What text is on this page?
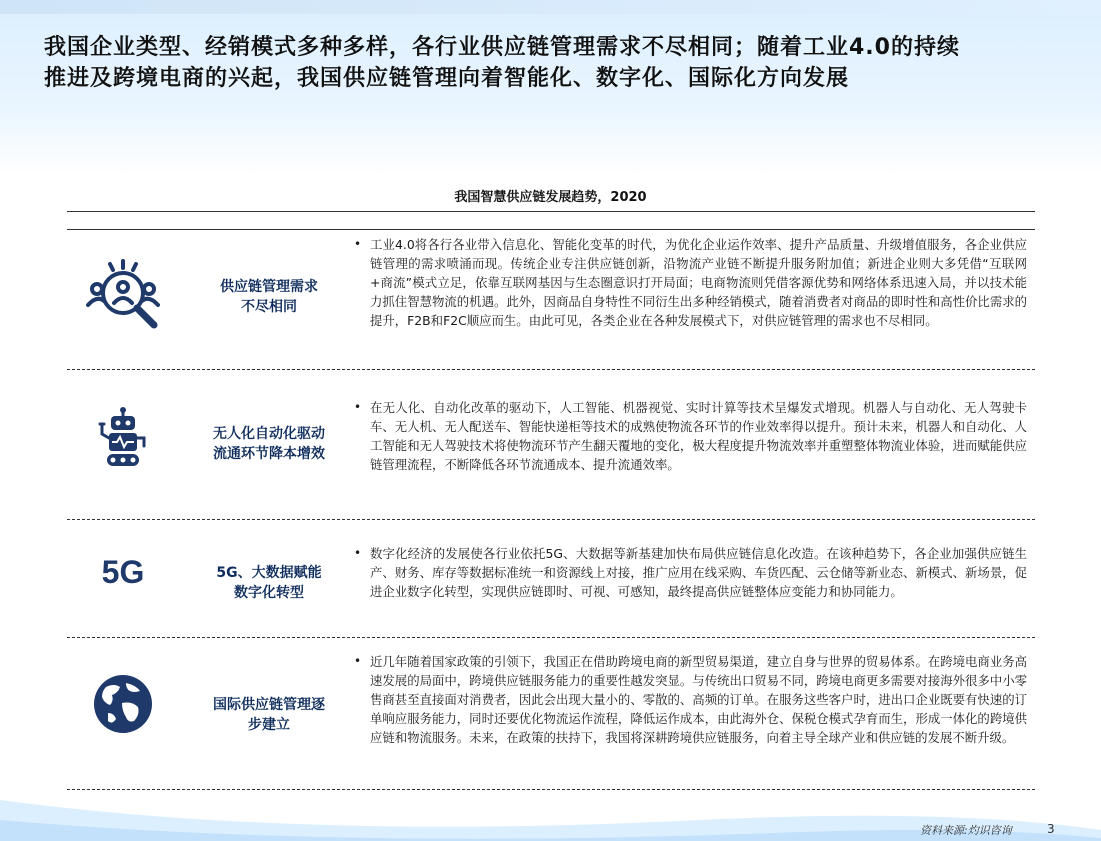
我国企业类型、经销模式多种多样，各行业供应链管理需求不尽相同；随着工业4.0的持续
推进及跨境电商的兴起，我国供应链管理向着智能化、数字化、国际化方向发展
我国智慧供应链发展趋势，2020
供应链管理需求
不尽相同
• 工业4.0将各行各业带入信息化、智能化变革的时代，为优化企业运作效率、提升产品质量、升级增值服务，各企业供应链管理的需求喷涌而现。传统企业专注供应链创新，沿物流产业链不断提升服务附加值；新进企业则大多凭借“互联网+商流”模式立足，依靠互联网基因与生态圈意识打开局面；电商物流则凭借客源优势和网络体系迅速入局，并以技术能力抓住智慧物流的机遇。此外，因商品自身特性不同衍生出多种经销模式，随着消费者对商品的即时性和高性价比需求的提升，F2B和F2C顺应而生。由此可见，各类企业在各种发展模式下，对供应链管理的需求也不尽相同。
无人化自动化驱动
流通环节降本增效
• 在无人化、自动化改革的驱动下，人工智能、机器视觉、实时计算等技术呈爆发式增现。机器人与自动化、无人驾驶卡车、无人机、无人配送车、智能快递柜等技术的成熟使物流各环节的作业效率得以提升。预计未来，机器人和自动化、人工智能和无人驾驶技术将使物流环节产生翻天覆地的变化，极大程度提升物流效率并重塑整体物流业体验，进而赋能供应链管理流程，不断降低各环节流通成本、提升流通效率。
5G	5G、大数据赋能
数字化转型
• 数字化经济的发展使各行业依托5G、大数据等新基建加快布局供应链信息化改造。在该种趋势下，各企业加强供应链生产、财务、库存等数据标准统一和资源线上对接，推广应用在线采购、车货匹配、云仓储等新业态、新模式、新场景，促进企业数字化转型，实现供应链即时、可视、可感知，最终提高供应链整体应变能力和协同能力。
国际供应链管理逐
步建立
• 近几年随着国家政策的引领下，我国正在借助跨境电商的新型贸易渠道，建立自身与世界的贸易体系。在跨境电商业务高速发展的局面中，跨境供应链服务能力的重要性越发突显。与传统出口贸易不同，跨境电商更多需要对接海外很多中小零售商甚至直接面对消费者，因此会出现大量小的、零散的、高频的订单。在服务这些客户时，进出口企业既要有快速的订单响应服务能力，同时还要优化物流运作流程，降低运作成本，由此海外仓、保税仓模式孕育而生，形成一体化的跨境供应链和物流服务。未来，在政策的扶持下，我国将深耕跨境供应链服务，向着主导全球产业和供应链的发展不断升级。
资料来源:灼识咨询	3
